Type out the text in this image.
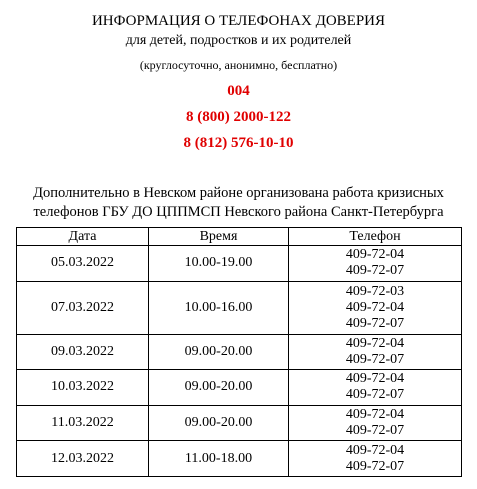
ИНФОРМАЦИЯ О ТЕЛЕФОНАХ ДОВЕРИЯ
для детей, подростков и их родителей
(круглосуточно, анонимно, бесплатно)
004
8 (800) 2000-122
8 (812) 576-10-10
Дополнительно в Невском районе организована работа кризисных
телефонов ГБУ ДО ЦППМСП Невского района Санкт-Петербурга
Дата	Время	Телефон
05.03.2022	10.00-19.00	409-72-04
409-72-07

07.03.2022	10.00-16.00	409-72-03
409-72-04
409-72-07

09.03.2022	09.00-20.00	409-72-04
409-72-07

10.03.2022	09.00-20.00	409-72-04
409-72-07

11.03.2022	09.00-20.00	409-72-04
409-72-07

12.03.2022	11.00-18.00	409-72-04
409-72-07
